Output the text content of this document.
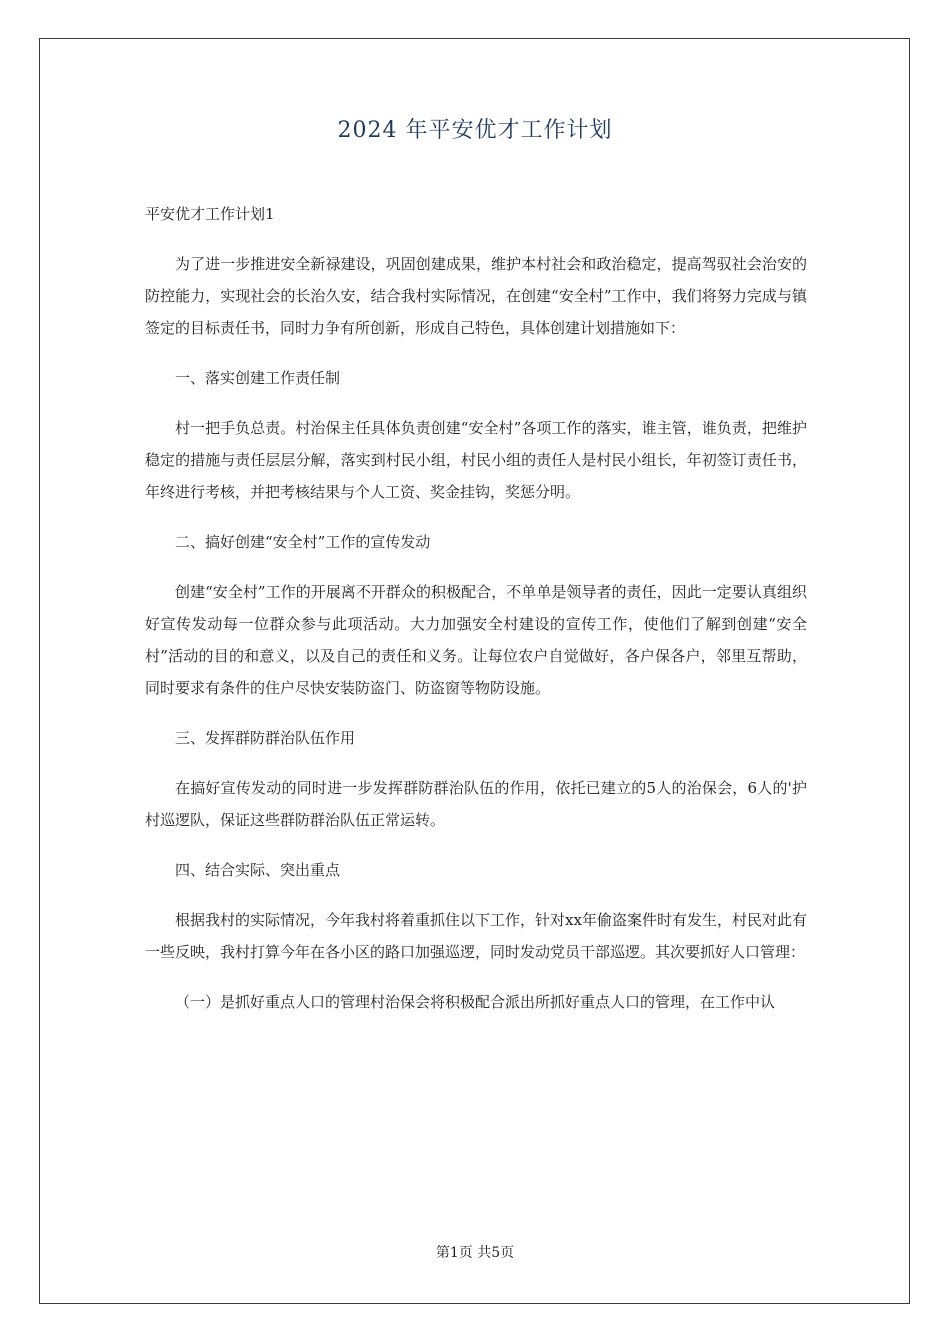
2024 年平安优才工作计划

平安优才工作计划1

为了进一步推进安全新禄建设，巩固创建成果，维护本村社会和政治稳定，提高驾驭社会治安的防控能力，实现社会的长治久安，结合我村实际情况，在创建“安全村”工作中，我们将努力完成与镇签定的目标责任书，同时力争有所创新，形成自己特色，具体创建计划措施如下：

一、落实创建工作责任制

村一把手负总责。村治保主任具体负责创建“安全村”各项工作的落实，谁主管，谁负责，把维护稳定的措施与责任层层分解，落实到村民小组，村民小组的责任人是村民小组长，年初签订责任书，年终进行考核，并把考核结果与个人工资、奖金挂钩，奖惩分明。

二、搞好创建“安全村”工作的宣传发动

创建“安全村”工作的开展离不开群众的积极配合，不单单是领导者的责任，因此一定要认真组织好宣传发动每一位群众参与此项活动。大力加强安全村建设的宣传工作，使他们了解到创建“安全村”活动的目的和意义，以及自己的责任和义务。让每位农户自觉做好，各户保各户，邻里互帮助，同时要求有条件的住户尽快安装防盗门、防盗窗等物防设施。

三、发挥群防群治队伍作用

在搞好宣传发动的同时进一步发挥群防群治队伍的作用，依托已建立的5人的治保会，6人的'护村巡逻队，保证这些群防群治队伍正常运转。

四、结合实际、突出重点

根据我村的实际情况，今年我村将着重抓住以下工作，针对xx年偷盗案件时有发生，村民对此有一些反映，我村打算今年在各小区的路口加强巡逻，同时发动党员干部巡逻。其次要抓好人口管理：

（一）是抓好重点人口的管理村治保会将积极配合派出所抓好重点人口的管理，在工作中认

第1页 共5页
